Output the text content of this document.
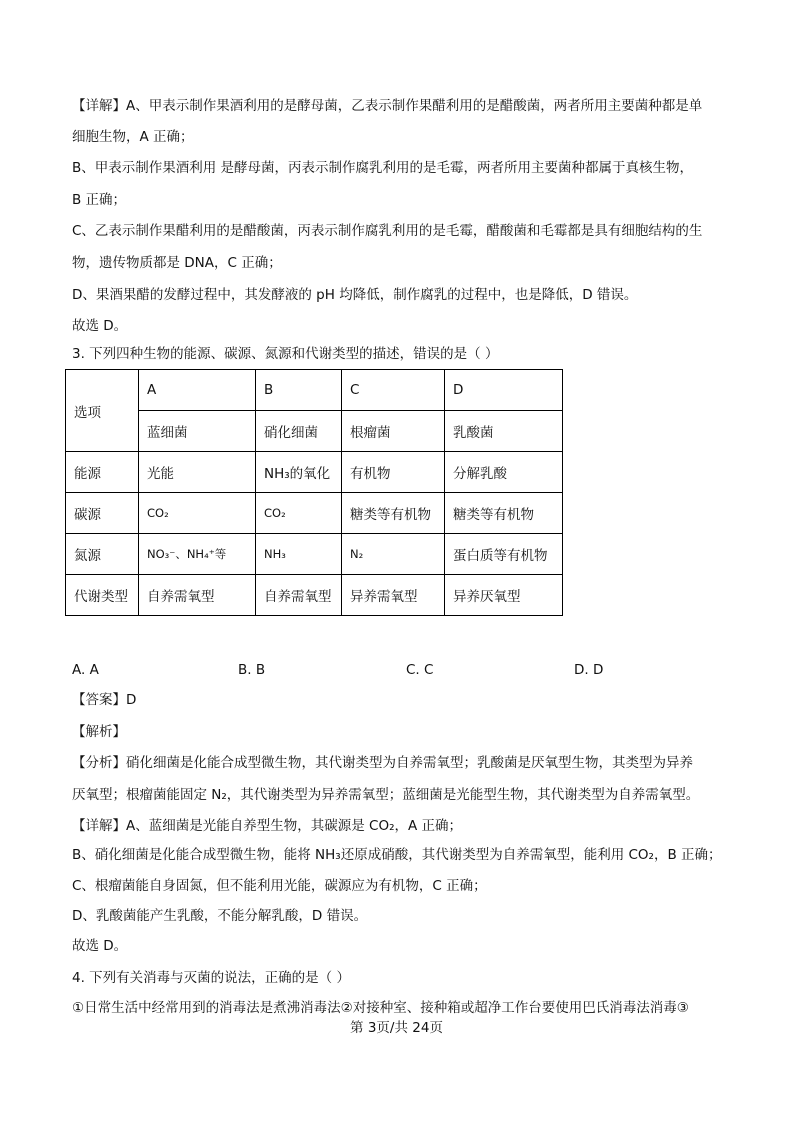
【详解】A、甲表示制作果酒利用的是酵母菌，乙表示制作果醋利用的是醋酸菌，两者所用主要菌种都是单
细胞生物，A 正确；
B、甲表示制作果酒利用 是酵母菌，丙表示制作腐乳利用的是毛霉，两者所用主要菌种都属于真核生物，
B 正确；
C、乙表示制作果醋利用的是醋酸菌，丙表示制作腐乳利用的是毛霉，醋酸菌和毛霉都是具有细胞结构的生
物，遗传物质都是 DNA，C 正确；
D、果酒果醋的发酵过程中，其发酵液的 pH 均降低，制作腐乳的过程中，也是降低，D 错误。
故选 D。
3. 下列四种生物的能源、碳源、氮源和代谢类型的描述，错误的是（ ）
选项	A	B	C	D
	蓝细菌	硝化细菌	根瘤菌	乳酸菌
能源	光能	NH₃的氧化	有机物	分解乳酸
碳源	CO₂	CO₂	糖类等有机物	糖类等有机物
氮源	NO₃⁻、NH₄⁺等	NH₃	N₂	蛋白质等有机物
代谢类型	自养需氧型	自养需氧型	异养需氧型	异养厌氧型
A. A	B. B	C. C	D. D
【答案】D
【解析】
【分析】硝化细菌是化能合成型微生物，其代谢类型为自养需氧型；乳酸菌是厌氧型生物，其类型为异养
厌氧型；根瘤菌能固定 N₂，其代谢类型为异养需氧型；蓝细菌是光能型生物，其代谢类型为自养需氧型。
【详解】A、蓝细菌是光能自养型生物，其碳源是 CO₂，A 正确；
B、硝化细菌是化能合成型微生物，能将 NH₃还原成硝酸，其代谢类型为自养需氧型，能利用 CO₂，B 正确；
C、根瘤菌能自身固氮，但不能利用光能，碳源应为有机物，C 正确；
D、乳酸菌能产生乳酸，不能分解乳酸，D 错误。
故选 D。
4. 下列有关消毒与灭菌的说法，正确的是（ ）
①日常生活中经常用到的消毒法是煮沸消毒法②对接种室、接种箱或超净工作台要使用巴氏消毒法消毒③
第 3页/共 24页
